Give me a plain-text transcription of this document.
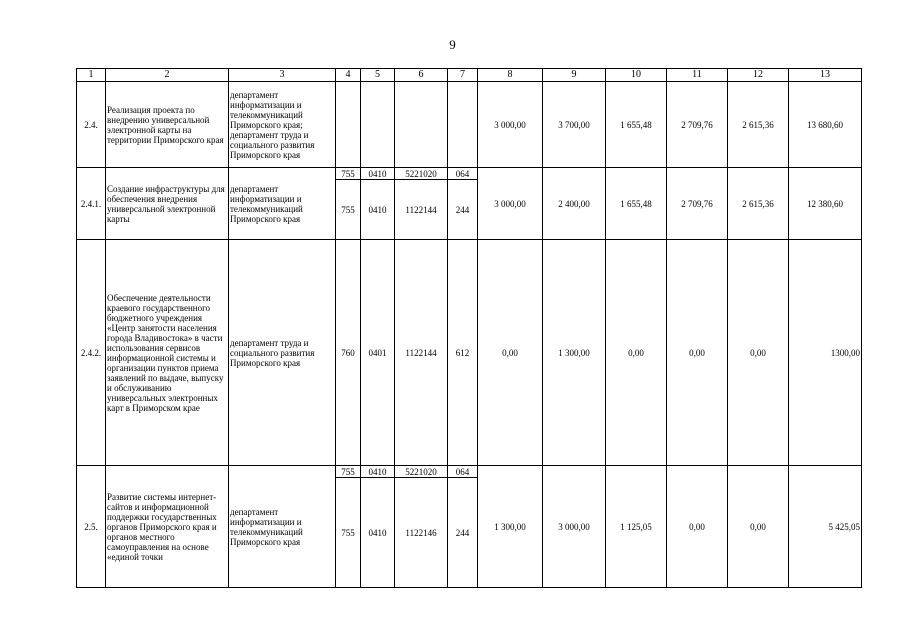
9
1	2	3	4	5	6	7	8	9	10	11	12	13
2.4.	Реализация проекта по внедрению универсальной электронной карты на территории Приморского края	департамент информатизации и телекоммуникаций Приморского края; департамент труда и социального развития Приморского края					3 000,00	3 700,00	1 655,48	2 709,76	2 615,36	13 680,60
2.4.1.	Создание инфраструктуры для обеспечения внедрения универсальной электронной карты	департамент информатизации и телекоммуникаций Приморского края	755	0410	5221020	064	3 000,00	2 400,00	1 655,48	2 709,76	2 615,36	12 380,60
			755	0410	1122144	244						
2.4.2.	Обеспечение деятельности краевого государственного бюджетного учреждения «Центр занятости населения города Владивостока» в части использования сервисов информационной системы и организации пунктов приема заявлений по выдаче, выпуску и обслуживанию универсальных электронных карт в Приморском крае	департамент труда и социального развития Приморского края	760	0401	1122144	612	0,00	1 300,00	0,00	0,00	0,00	1300,00
2.5.	Развитие системы интернет-сайтов и информационной поддержки государственных органов Приморского края и органов местного самоуправления на основе «единой точки	департамент информатизации и телекоммуникаций Приморского края	755	0410	5221020	064	1 300,00	3 000,00	1 125,05	0,00	0,00	5 425,05
			755	0410	1122146	244						
